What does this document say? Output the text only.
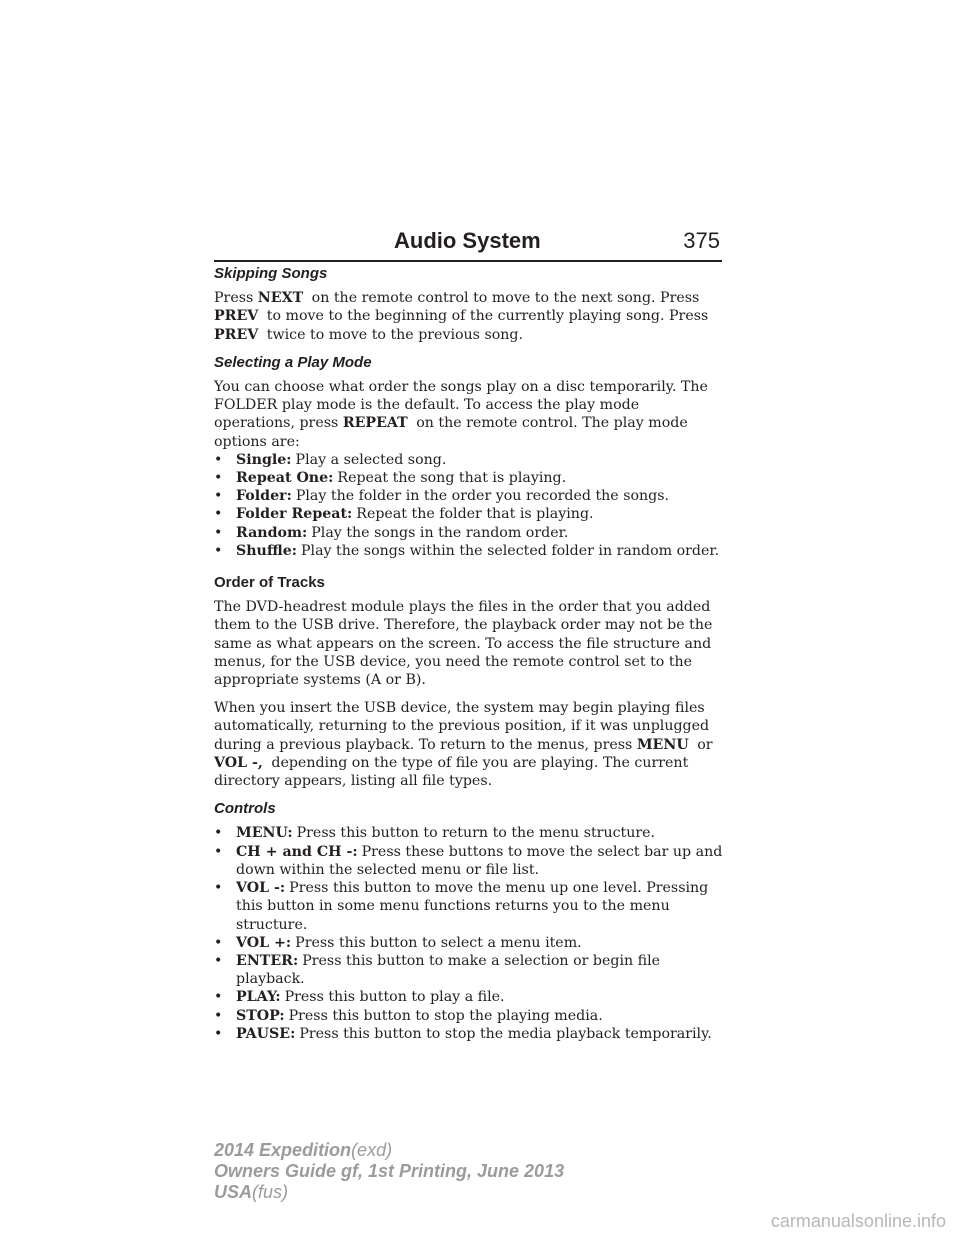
Audio System	375
Skipping Songs

Press NEXT on the remote control to move to the next song. Press PREV to move to the beginning of the currently playing song. Press PREV twice to move to the previous song.

Selecting a Play Mode

You can choose what order the songs play on a disc temporarily. The FOLDER play mode is the default. To access the play mode operations, press REPEAT on the remote control. The play mode options are:

• Single: Play a selected song.
• Repeat One: Repeat the song that is playing.
• Folder: Play the folder in the order you recorded the songs.
• Folder Repeat: Repeat the folder that is playing.
• Random: Play the songs in the random order.
• Shuffle: Play the songs within the selected folder in random order.
Order of Tracks

The DVD-headrest module plays the files in the order that you added them to the USB drive. Therefore, the playback order may not be the same as what appears on the screen. To access the file structure and menus, for the USB device, you need the remote control set to the appropriate systems (A or B).

When you insert the USB device, the system may begin playing files automatically, returning to the previous position, if it was unplugged during a previous playback. To return to the menus, press MENU or
VOL -, depending on the type of file you are playing. The current directory appears, listing all file types.

Controls
• MENU: Press this button to return to the menu structure.
• CH + and CH -: Press these buttons to move the select bar up and down within the selected menu or file list.
• VOL -: Press this button to move the menu up one level. Pressing this button in some menu functions returns you to the menu structure.
• VOL +: Press this button to select a menu item.
• ENTER: Press this button to make a selection or begin file playback.
• PLAY: Press this button to play a file.
• STOP: Press this button to stop the playing media.
• PAUSE: Press this button to stop the media playback temporarily.
2014 Expedition(exd)
Owners Guide gf, 1st Printing, June 2013
USA(fus)
carmanualsonline.info
